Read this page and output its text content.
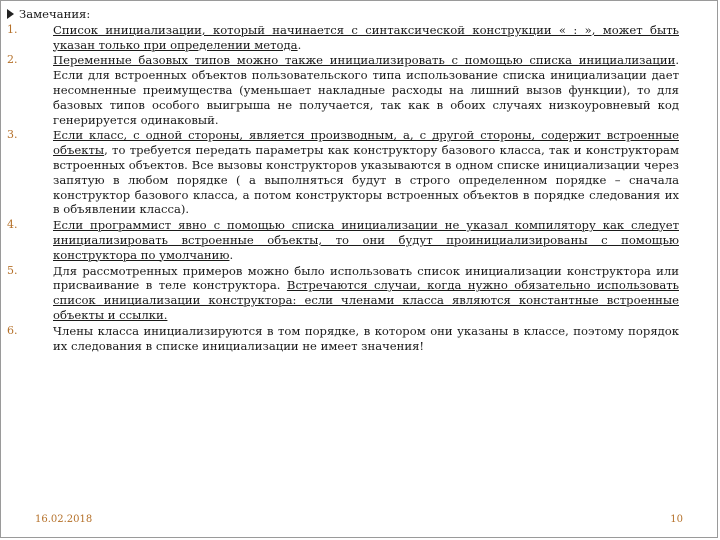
Замечания:
1.	Список инициализации, который начинается с синтаксической конструкции « : », может быть указан только при определении метода.
2.	Переменные базовых типов можно также инициализировать с помощью списка инициализации. Если для встроенных объектов пользовательского типа использование списка инициализации дает несомненные преимущества (уменьшает накладные расходы на лишний вызов функции), то для базовых типов особого выигрыша не получается, так как в обоих случаях низкоуровневый код генерируется одинаковый.
3.	Если класс, с одной стороны, является производным, а, с другой стороны, содержит встроенные объекты, то требуется передать параметры как конструктору базового класса, так и конструкторам встроенных объектов. Все вызовы конструкторов указываются в одном списке инициализации через запятую в любом порядке ( а выполняться будут в строго определенном порядке – сначала конструктор базового класса, а потом конструкторы встроенных объектов в порядке следования их в объявлении класса).
4.	Если программист явно с помощью списка инициализации не указал компилятору как следует инициализировать встроенные объекты, то они будут проинициализированы с помощью конструктора по умолчанию.
5.	Для рассмотренных примеров можно было использовать список инициализации конструктора или присваивание в теле конструктора. Встречаются случаи, когда нужно обязательно использовать список инициализации конструктора: если членами класса являются константные встроенные объекты и ссылки.
6.	Члены класса инициализируются в том порядке, в котором они указаны в классе, поэтому порядок их следования в списке инициализации не имеет значения!
16.02.2018	10
